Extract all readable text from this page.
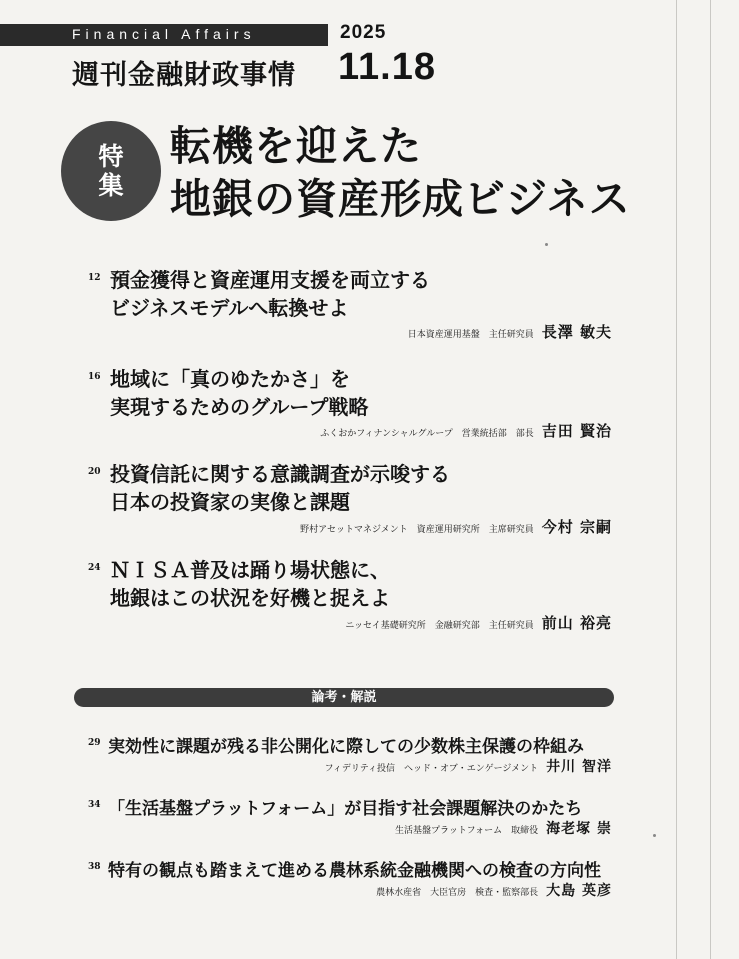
Financial Affairs	2025
週刊金融財政事情 11.18
特
集
転機を迎えた
地銀の資産形成ビジネス
12 預金獲得と資産運用支援を両立する
ビジネスモデルへ転換せよ
日本資産運用基盤　主任研究員 長澤 敏夫
16 地域に「真のゆたかさ」を
実現するためのグループ戦略
ふくおかフィナンシャルグループ　営業統括部　部長 吉田 賢治
20 投資信託に関する意識調査が示唆する
日本の投資家の実像と課題
野村アセットマネジメント　資産運用研究所　主席研究員 今村 宗嗣
24 ＮＩＳＡ普及は踊り場状態に、
地銀はこの状況を好機と捉えよ
ニッセイ基礎研究所　金融研究部　主任研究員 前山 裕亮
論考・解説
29 実効性に課題が残る非公開化に際しての少数株主保護の枠組み
フィデリティ投信　ヘッド・オブ・エンゲージメント 井川 智洋
34 「生活基盤プラットフォーム」が目指す社会課題解決のかたち
生活基盤プラットフォーム　取締役 海老塚 崇
38 特有の観点も踏まえて進める農林系統金融機関への検査の方向性
農林水産省　大臣官房　検査・監察部長 大島 英彦
